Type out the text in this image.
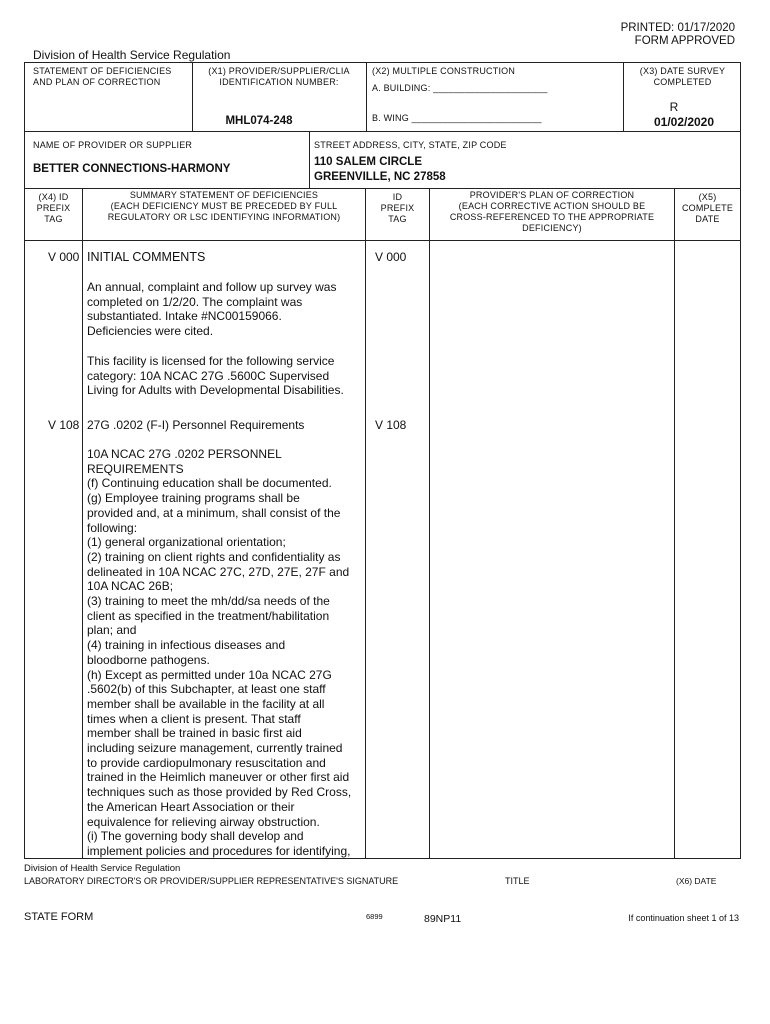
PRINTED: 01/17/2020
FORM APPROVED
Division of Health Service Regulation
STATEMENT OF DEFICIENCIES
AND PLAN OF CORRECTION
(X1) PROVIDER/SUPPLIER/CLIA
IDENTIFICATION NUMBER:
MHL074-248
(X2) MULTIPLE CONSTRUCTION
A. BUILDING: ______________________
B. WING _________________________
(X3) DATE SURVEY
COMPLETED
R
01/02/2020
NAME OF PROVIDER OR SUPPLIER
BETTER CONNECTIONS-HARMONY
STREET ADDRESS, CITY, STATE, ZIP CODE
110 SALEM CIRCLE
GREENVILLE, NC 27858
(X4) ID
PREFIX
TAG
SUMMARY STATEMENT OF DEFICIENCIES
(EACH DEFICIENCY MUST BE PRECEDED BY FULL
REGULATORY OR LSC IDENTIFYING INFORMATION)
ID
PREFIX
TAG
PROVIDER'S PLAN OF CORRECTION
(EACH CORRECTIVE ACTION SHOULD BE
CROSS-REFERENCED TO THE APPROPRIATE
DEFICIENCY)
(X5)
COMPLETE
DATE
V 000 INITIAL COMMENTS	V 000
An annual, complaint and follow up survey was
completed on 1/2/20. The complaint was
substantiated. Intake #NC00159066.
Deficiencies were cited.
This facility is licensed for the following service
category: 10A NCAC 27G .5600C Supervised
Living for Adults with Developmental Disabilities.
V 108 27G .0202 (F-I) Personnel Requirements	V 108
10A NCAC 27G .0202 PERSONNEL
REQUIREMENTS
(f) Continuing education shall be documented.
(g) Employee training programs shall be
provided and, at a minimum, shall consist of the
following:
(1) general organizational orientation;
(2) training on client rights and confidentiality as
delineated in 10A NCAC 27C, 27D, 27E, 27F and
10A NCAC 26B;
(3) training to meet the mh/dd/sa needs of the
client as specified in the treatment/habilitation
plan; and
(4) training in infectious diseases and
bloodborne pathogens.
(h) Except as permitted under 10a NCAC 27G
.5602(b) of this Subchapter, at least one staff
member shall be available in the facility at all
times when a client is present. That staff
member shall be trained in basic first aid
including seizure management, currently trained
to provide cardiopulmonary resuscitation and
trained in the Heimlich maneuver or other first aid
techniques such as those provided by Red Cross,
the American Heart Association or their
equivalence for relieving airway obstruction.
(i) The governing body shall develop and
implement policies and procedures for identifying,
Division of Health Service Regulation
LABORATORY DIRECTOR'S OR PROVIDER/SUPPLIER REPRESENTATIVE'S SIGNATURE	TITLE	(X6) DATE
STATE FORM	6899	89NP11	If continuation sheet 1 of 13
